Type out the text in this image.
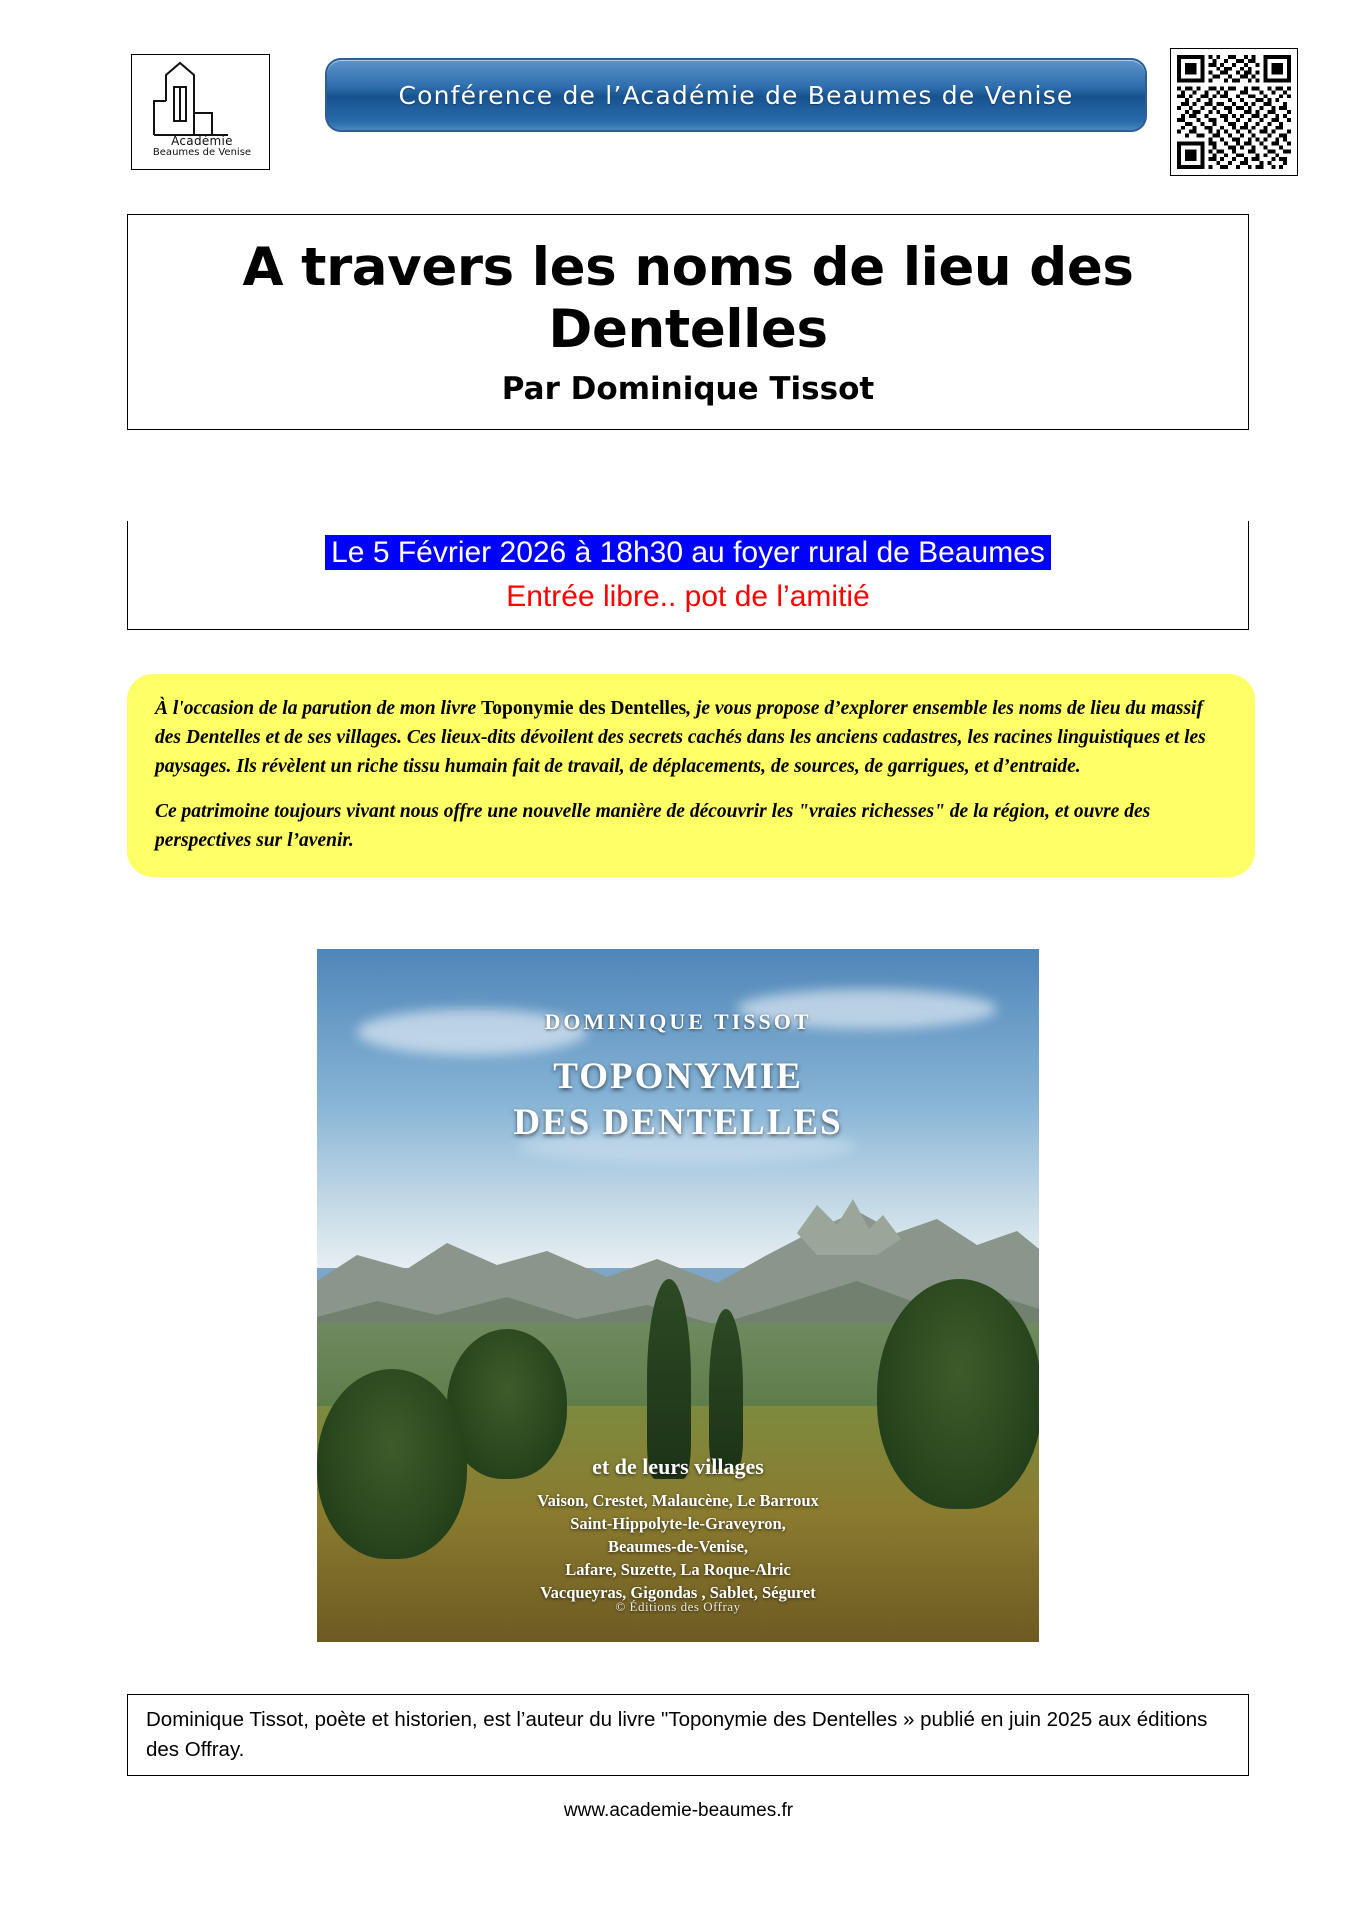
Académie
Beaumes de Venise
Conférence de l’Académie de Beaumes de Venise
A travers les noms de lieu des Dentelles
Par Dominique Tissot
Le 5 Février 2026 à 18h30 au foyer rural de Beaumes
Entrée libre.. pot de l’amitié

À l'occasion de la parution de mon livre Toponymie des Dentelles, je vous propose d’explorer ensemble les noms de lieu du massif des Dentelles et de ses villages. Ces lieux-dits dévoilent des secrets cachés dans les anciens cadastres, les racines linguistiques et les paysages. Ils révèlent un riche tissu humain fait de travail, de déplacements, de sources, de garrigues, et d’entraide.

Ce patrimoine toujours vivant nous offre une nouvelle manière de découvrir les "vraies richesses" de la région, et ouvre des perspectives sur l’avenir.

DOMINIQUE TISSOT
TOPONYMIE
DES DENTELLES
et de leurs villages
Vaison, Crestet, Malaucène, Le Barroux
Saint-Hippolyte-le-Graveyron,
Beaumes-de-Venise,
Lafare, Suzette, La Roque-Alric
Vacqueyras, Gigondas , Sablet, Séguret
© Éditions des Offray

Dominique Tissot, poète et historien, est l’auteur du livre "Toponymie des Dentelles » publié en juin 2025 aux éditions des Offray.

www.academie-beaumes.fr
